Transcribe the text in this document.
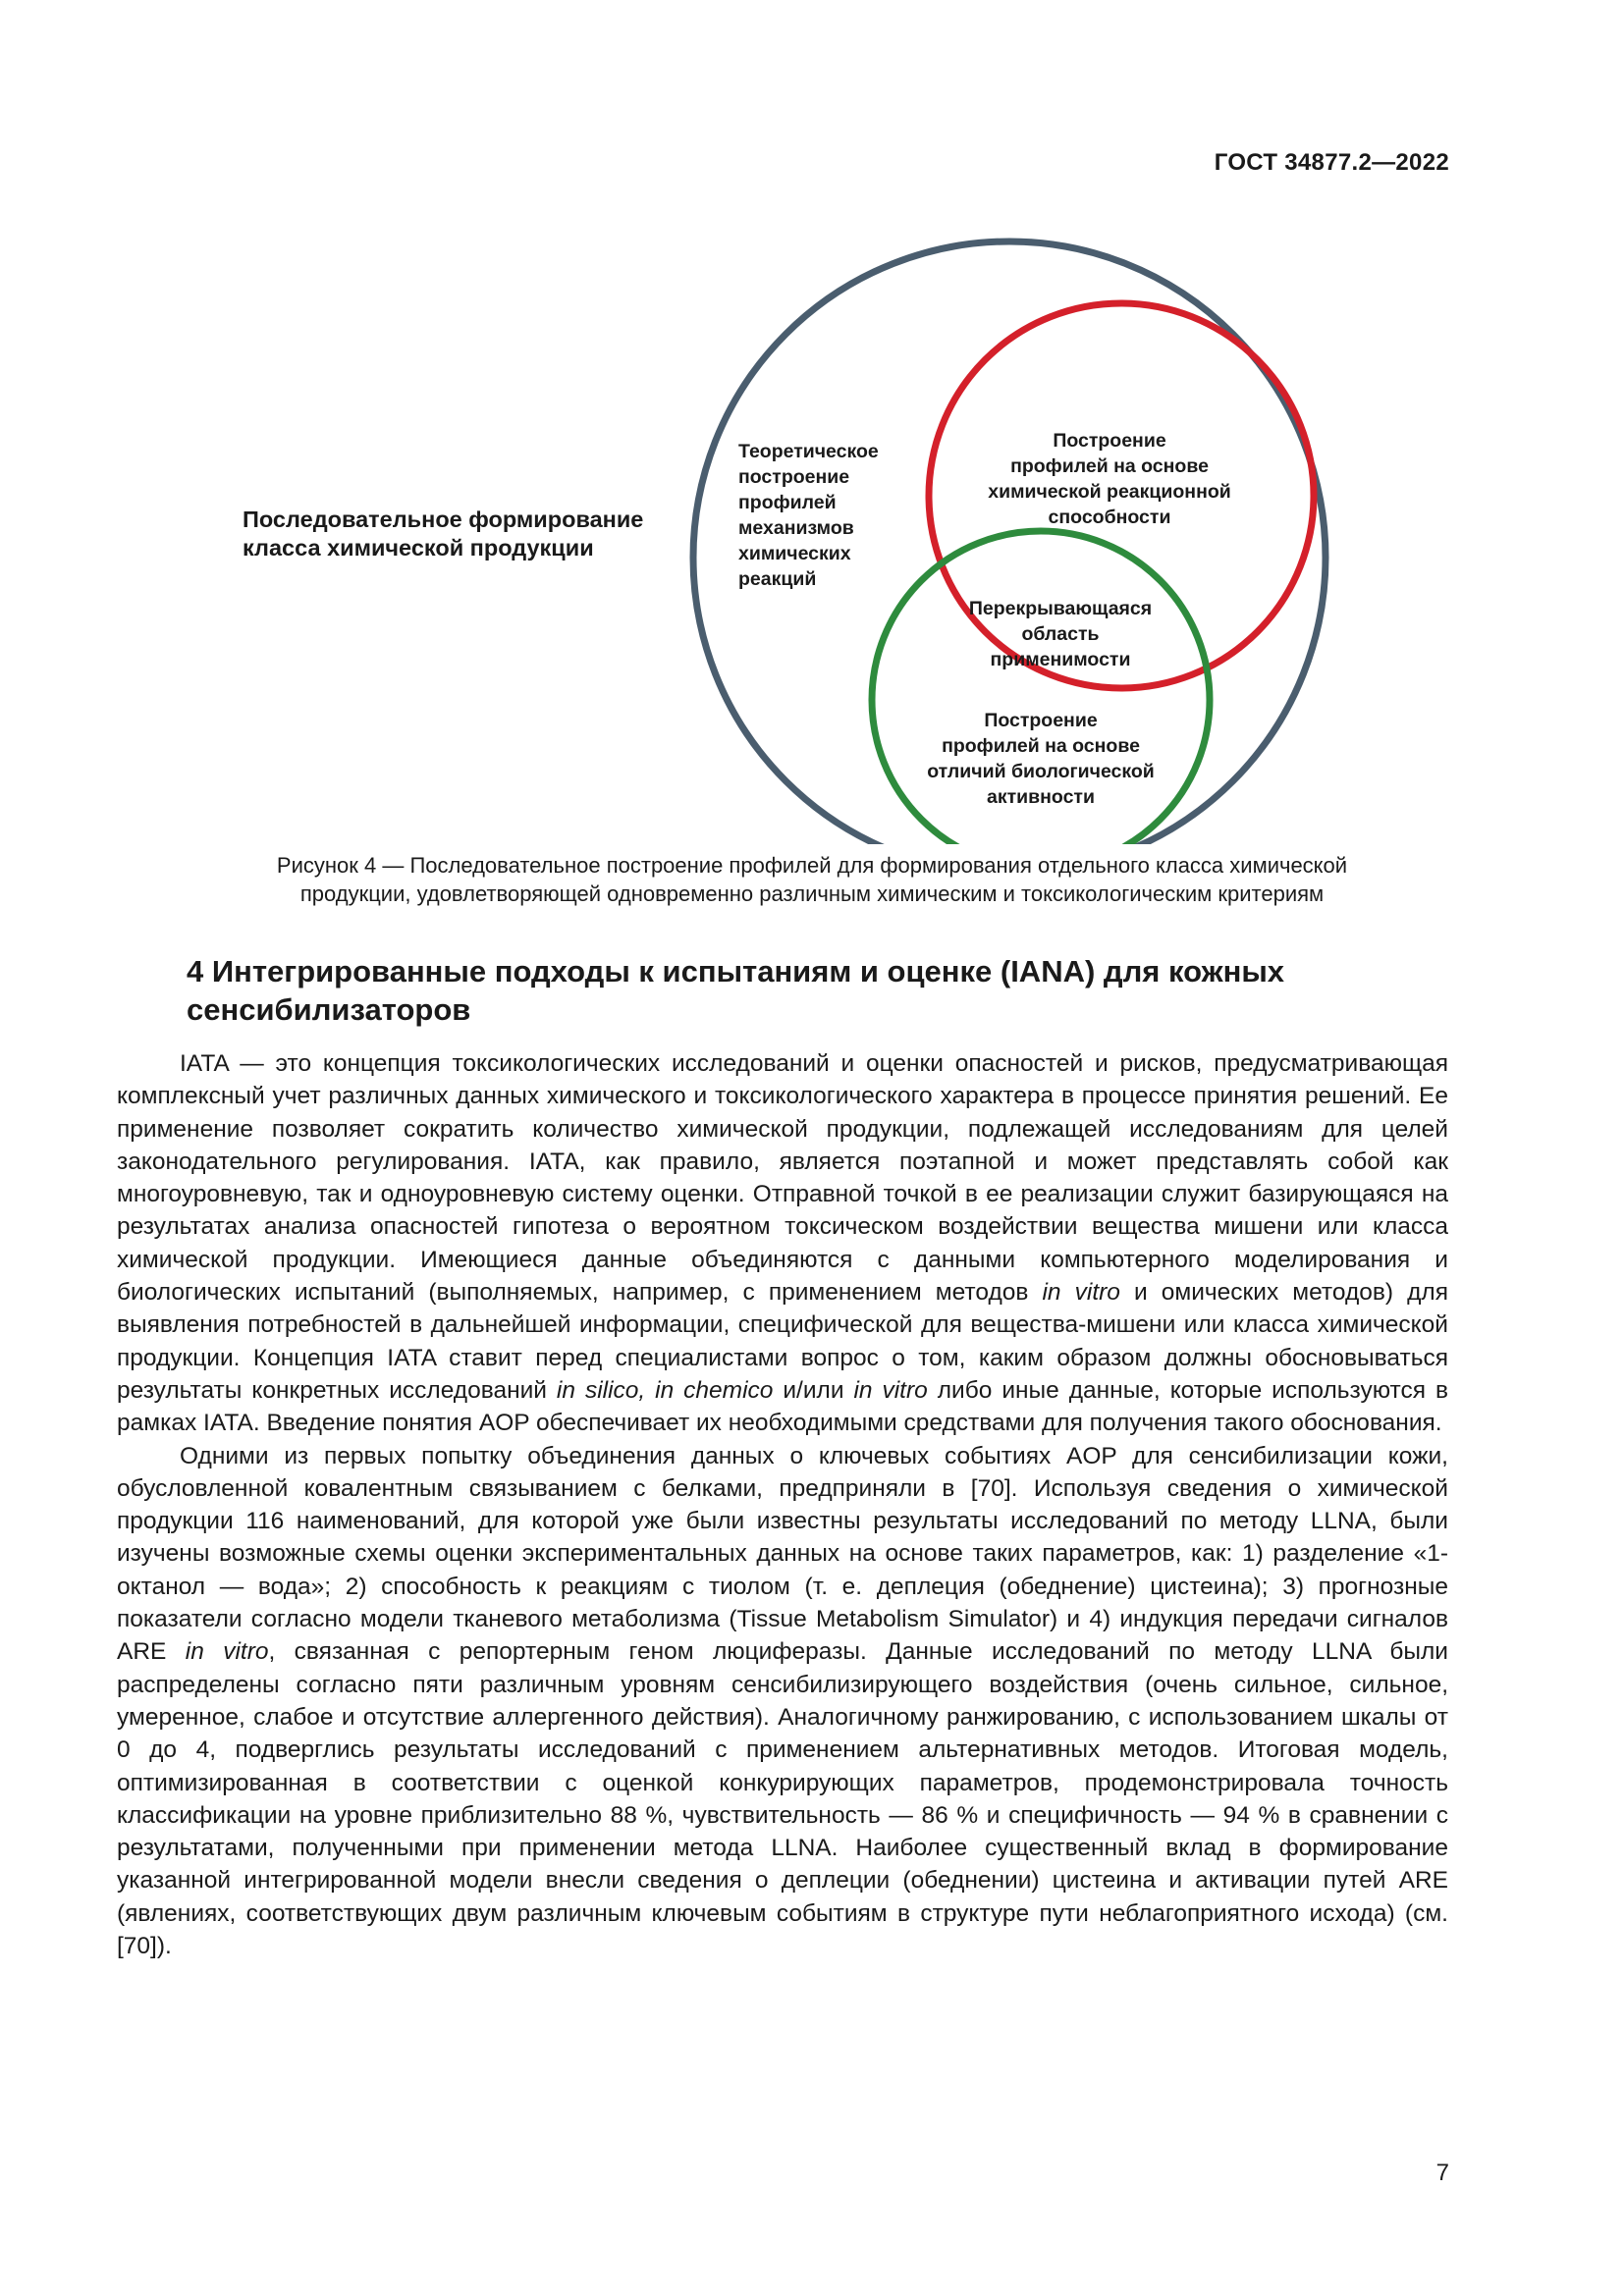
ГОСТ 34877.2—2022
Последовательное формирование
класса химической продукции
Теоретическое
построение
профилей
механизмов
химических
реакций
Построение
профилей на основе
химической реакционной
способности
Перекрывающаяся
область
применимости
Построение
профилей на основе
отличий биологической
активности
Рисунок 4 — Последовательное построение профилей для формирования отдельного класса химической
продукции, удовлетворяющей одновременно различным химическим и токсикологическим критериям
4 Интегрированные подходы к испытаниям и оценке (IANA) для кожных
сенсибилизаторов

IATA — это концепция токсикологических исследований и оценки опасностей и рисков, предусматривающая комплексный учет различных данных химического и токсикологического характера в процессе принятия решений. Ее применение позволяет сократить количество химической продукции, подлежащей исследованиям для целей законодательного регулирования. IATA, как правило, является поэтапной и может представлять собой как многоуровневую, так и одноуровневую систему оценки. Отправной точкой в ее реализации служит базирующаяся на результатах анализа опасностей гипотеза о вероятном токсическом воздействии вещества мишени или класса химической продукции. Имеющиеся данные объединяются с данными компьютерного моделирования и биологических испытаний (выполняемых, например, с применением методов in vitro и омических методов) для выявления потребностей в дальнейшей информации, специфической для вещества-мишени или класса химической продукции. Концепция IATA ставит перед специалистами вопрос о том, каким образом должны обосновываться результаты конкретных исследований in silico, in chemico и/или in vitro либо иные данные, которые используются в рамках IATA. Введение понятия AOP обеспечивает их необходимыми средствами для получения такого обоснования.

Одними из первых попытку объединения данных о ключевых событиях AOP для сенсибилизации кожи, обусловленной ковалентным связыванием с белками, предприняли в [70]. Используя сведения о химической продукции 116 наименований, для которой уже были известны результаты исследований по методу LLNA, были изучены возможные схемы оценки экспериментальных данных на основе таких параметров, как: 1) разделение «1-октанол — вода»; 2) способность к реакциям с тиолом (т. е. деплеция (обеднение) цистеина); 3) прогнозные показатели согласно модели тканевого метаболизма (Tissue Metabolism Simulator) и 4) индукция передачи сигналов ARE in vitro, связанная с репортерным геном люциферазы. Данные исследований по методу LLNA были распределены согласно пяти различным уровням сенсибилизирующего воздействия (очень сильное, сильное, умеренное, слабое и отсутствие аллергенного действия). Аналогичному ранжированию, с использованием шкалы от 0 до 4, подверглись результаты исследований с применением альтернативных методов. Итоговая модель, оптимизированная в соответствии с оценкой конкурирующих параметров, продемонстрировала точность классификации на уровне приблизительно 88 %, чувствительность — 86 % и специфичность — 94 % в сравнении с результатами, полученными при применении метода LLNA. Наиболее существенный вклад в формирование указанной интегрированной модели внесли сведения о деплеции (обеднении) цистеина и активации путей ARE (явлениях, соответствующих двум различным ключевым событиям в структуре пути неблагоприятного исхода) (см. [70]).

7
